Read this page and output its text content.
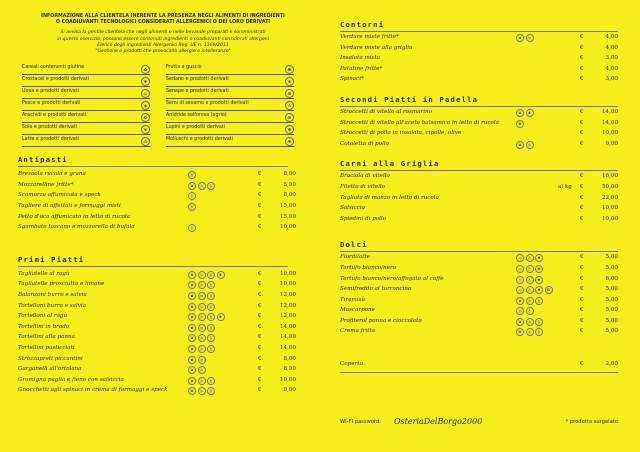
INFORMAZIONE ALLA CLIENTELA INERENTE LA PRESENZA NEGLI ALIMENTI DI INGREDIENTI
O COADIUVANTI TECNOLOGICI CONSIDERATI ALLERGENICI O DEI LORO DERIVATI
Si avvisa la gentile clientela che negli alimenti e nelle bevande preparati e somministrati
in questo esercizio, possono essere contenuti ingredienti o coadiuvanti considerati allergeni
Elenco degli ingredienti Allergenici Reg. UE n. 1169/2011
"Gestione e prodotti che provocano allergie o intolleranze"
Cereali contenenti glutine	✿
Crostacei e prodotti derivati	✸
Uova e prodotti derivati	◎
Pesce e prodotti derivati	◈
Arachidi e prodotti derivati	❂
Soia e prodotti derivati	✾
Latte e prodotti derivati	♁
Frutta a guscio	✺
Sedano e prodotti derivati	❀
Senape e prodotti derivati	❁
Semi di sesamo e prodotti derivati	⁂
Anidride solforosa (agrio)	❋
Lupini e prodotti derivati	✽
Molluschi e prodotti derivati	✹
Antipasti
Bresaola rucola e grana	♁	€	8,00
Mozzarelline fritte*	✿	◎	♁	€	5,00
Scamorza affumicata e speck	♁	€	8,00
Tagliere di affettati e formaggi misti	♁	€	15,00
Petto d'oca affumicato in letto di rucola	€	15,00
Sgambato toscano e mozzarella di bufala	♁	€	10,00
Primi Piatti
Tagliatelle al ragù	✿	◎	♁	❀	€	10,00
Tagliatelle prosciutto e limone	✿	◎	♁	€	10,00
Balanzoni burro e salvia	✿	◎	♁	€	12,00
Tortelloni burro e salvia	✿	◎	♁	€	12,00
Tortelloni al ragù	✿	◎	♁	❀	€	12,00
Tortellini in brodo	✿	◎	♁	€	14,00
Tortellini alla panna	✿	◎	♁	€	14,00
Tortellini pasticciati	✿	◎	♁	€	14,00
Strozzapreti piccantini	✿	◎	€	8,00
Garganelli all'ortolana	✿	◎	€	8,00
Gramigna paglia e fieno con salsiccia	✿	◎	♁	€	10,00
Gnocchetti agli spinaci in crema di formaggi e speck	✿	◎	♁	€	9,00
Contorni
Verdure miste fritte*	✿	◎	€	4,00
Verdure miste alla griglia	€	4,00
Insalata mista	€	3,00
Patatine fritte*	€	4,00
Spinaci*	€	3,00
Secondi Piatti in Padella
Straccetti di vitello al rosmarino	✿	❀	€	14,00
Straccetti di vitello all'aceto balsamico in letto di rucola	✿	€	14,00
Straccetti di pollo in insalata, cipolle, olive	€	10,00
Cotoletta di pollo	✿	◎	€	9,00
Carni alla Griglia
Braciola di vitello	€	16,00
Filetto di vitello	al kg €	50,00
Tagliata di manzo in letto di rucola	€	22,00
Salsiccia	€	10,00
Spiedini di pollo	€	10,00
Dolci
Fiordilatte	◎	♁	✺	€	5,00
Tartufo bianco/nero	◎	♁	✺	€	5,00
Tartufo bianco/nero/affogato al caffè	◎	♁	✺	€	6,00
Semifreddo al torroncino	◎	♁	✺	❂	€	5,00
Tiramisù	✿	◎	♁	€	5,00
Mascarpone	◎	♁	€	5,00
Profiterol panna e cioccolato	✿	◎	♁	€	5,00
Crema fritta	✿	◎	♁	€	5,00
Coperto	€	2,00
WI-FI password: OsteriaDelBorgo2000	* prodotto surgelato
